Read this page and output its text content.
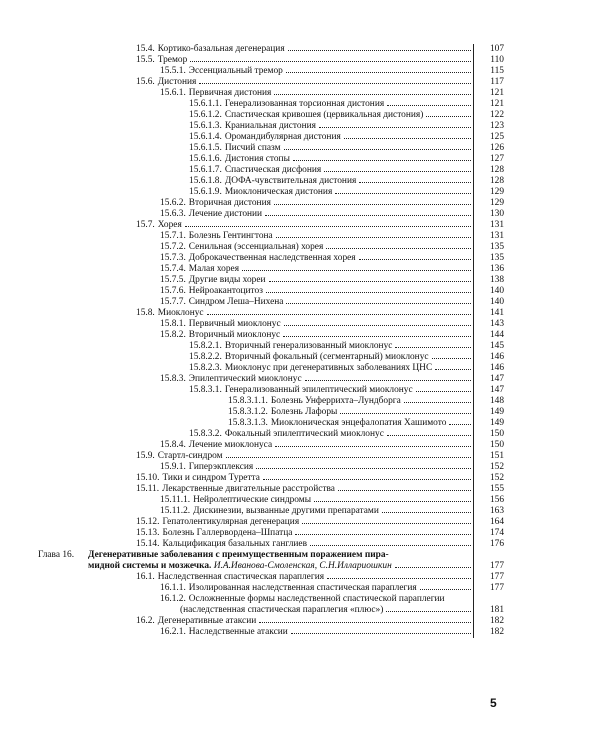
15.4. Кортико-базальная дегенерация	107
15.5. Тремор	110
15.5.1. Эссенциальный тремор	115
15.6. Дистония	117
15.6.1. Первичная дистония	121
15.6.1.1. Генерализованная торсионная дистония	121
15.6.1.2. Спастическая кривошея (цервикальная дистония)	122
15.6.1.3. Краниальная дистония	123
15.6.1.4. Оромандибулярная дистония	125
15.6.1.5. Писчий спазм	126
15.6.1.6. Дистония стопы	127
15.6.1.7. Спастическая дисфония	128
15.6.1.8. ДОФА-чувствительная дистония	128
15.6.1.9. Миоклоническая дистония	129
15.6.2. Вторичная дистония	129
15.6.3. Лечение дистонии	130
15.7. Хорея	131
15.7.1. Болезнь Гентингтона	131
15.7.2. Сенильная (эссенциальная) хорея	135
15.7.3. Доброкачественная наследственная хорея	135
15.7.4. Малая хорея	136
15.7.5. Другие виды хореи	138
15.7.6. Нейроакантоцитоз	140
15.7.7. Синдром Леша–Нихена	140
15.8. Миоклонус	141
15.8.1. Первичный миоклонус	143
15.8.2. Вторичный миоклонус	144
15.8.2.1. Вторичный генерализованный миоклонус	145
15.8.2.2. Вторичный фокальный (сегментарный) миоклонус	146
15.8.2.3. Миоклонус при дегенеративных заболеваниях ЦНС	146
15.8.3. Эпилептический миоклонус	147
15.8.3.1. Генерализованный эпилептический миоклонус	147
15.8.3.1.1. Болезнь Унферрихта–Лундборга	148
15.8.3.1.2. Болезнь Лафоры	149
15.8.3.1.3. Миоклоническая энцефалопатия Хашимото	149
15.8.3.2. Фокальный эпилептический миоклонус	150
15.8.4. Лечение миоклонуса	150
15.9. Стартл-синдром	151
15.9.1. Гиперэкплексия	152
15.10. Тики и синдром Туретта	152
15.11. Лекарственные двигательные расстройства	155
15.11.1. Нейролептические синдромы	156
15.11.2. Дискинезии, вызванные другими препаратами	163
15.12. Гепатолентикулярная дегенерация	164
15.13. Болезнь Галлервордена–Шпатца	174
15.14. Кальцификация базальных ганглиев	176
Глава 16.	Дегенеративные заболевания с преимущественным поражением пира-
мидной системы и мозжечка.
И.А.Иванова-Смоленская, С.Н.Иллариошкин	177
16.1. Наследственная спастическая параплегия	177
16.1.1. Изолированная наследственная спастическая параплегия	177
16.1.2. Осложненные формы наследственной спастической параплегии
(наследственная спастическая параплегия «плюс»)	181
16.2. Дегенеративные атаксии	182
16.2.1. Наследственные атаксии	182
5
